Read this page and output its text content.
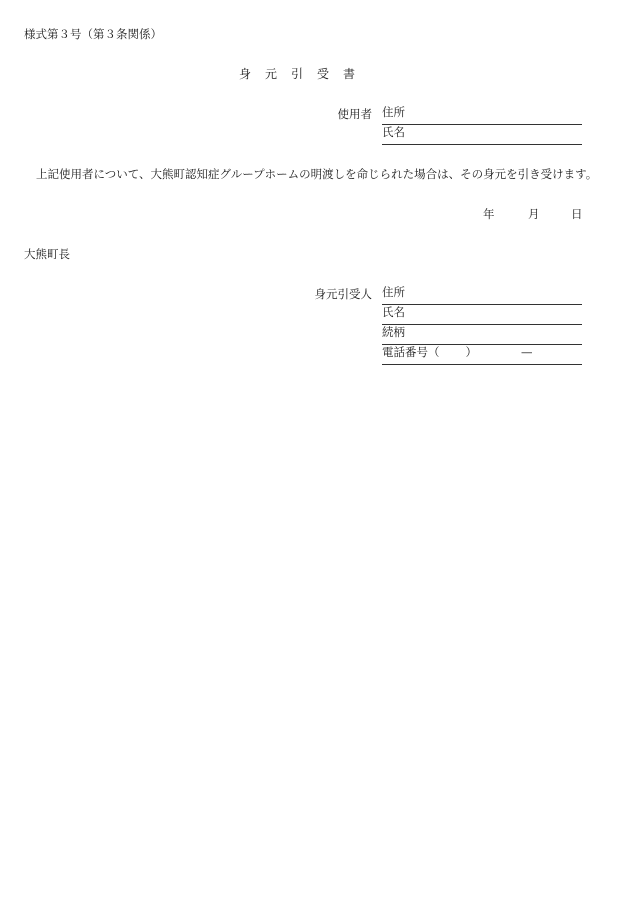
様式第３号（第３条関係）
身元引受書
使用者 住所
氏名
上記使用者について、大熊町認知症グループホームの明渡しを命じられた場合は、その身元を引き受けます。
年	月	日
大熊町長
身元引受人 住所
氏名
続柄
電話番号（ ）	—
